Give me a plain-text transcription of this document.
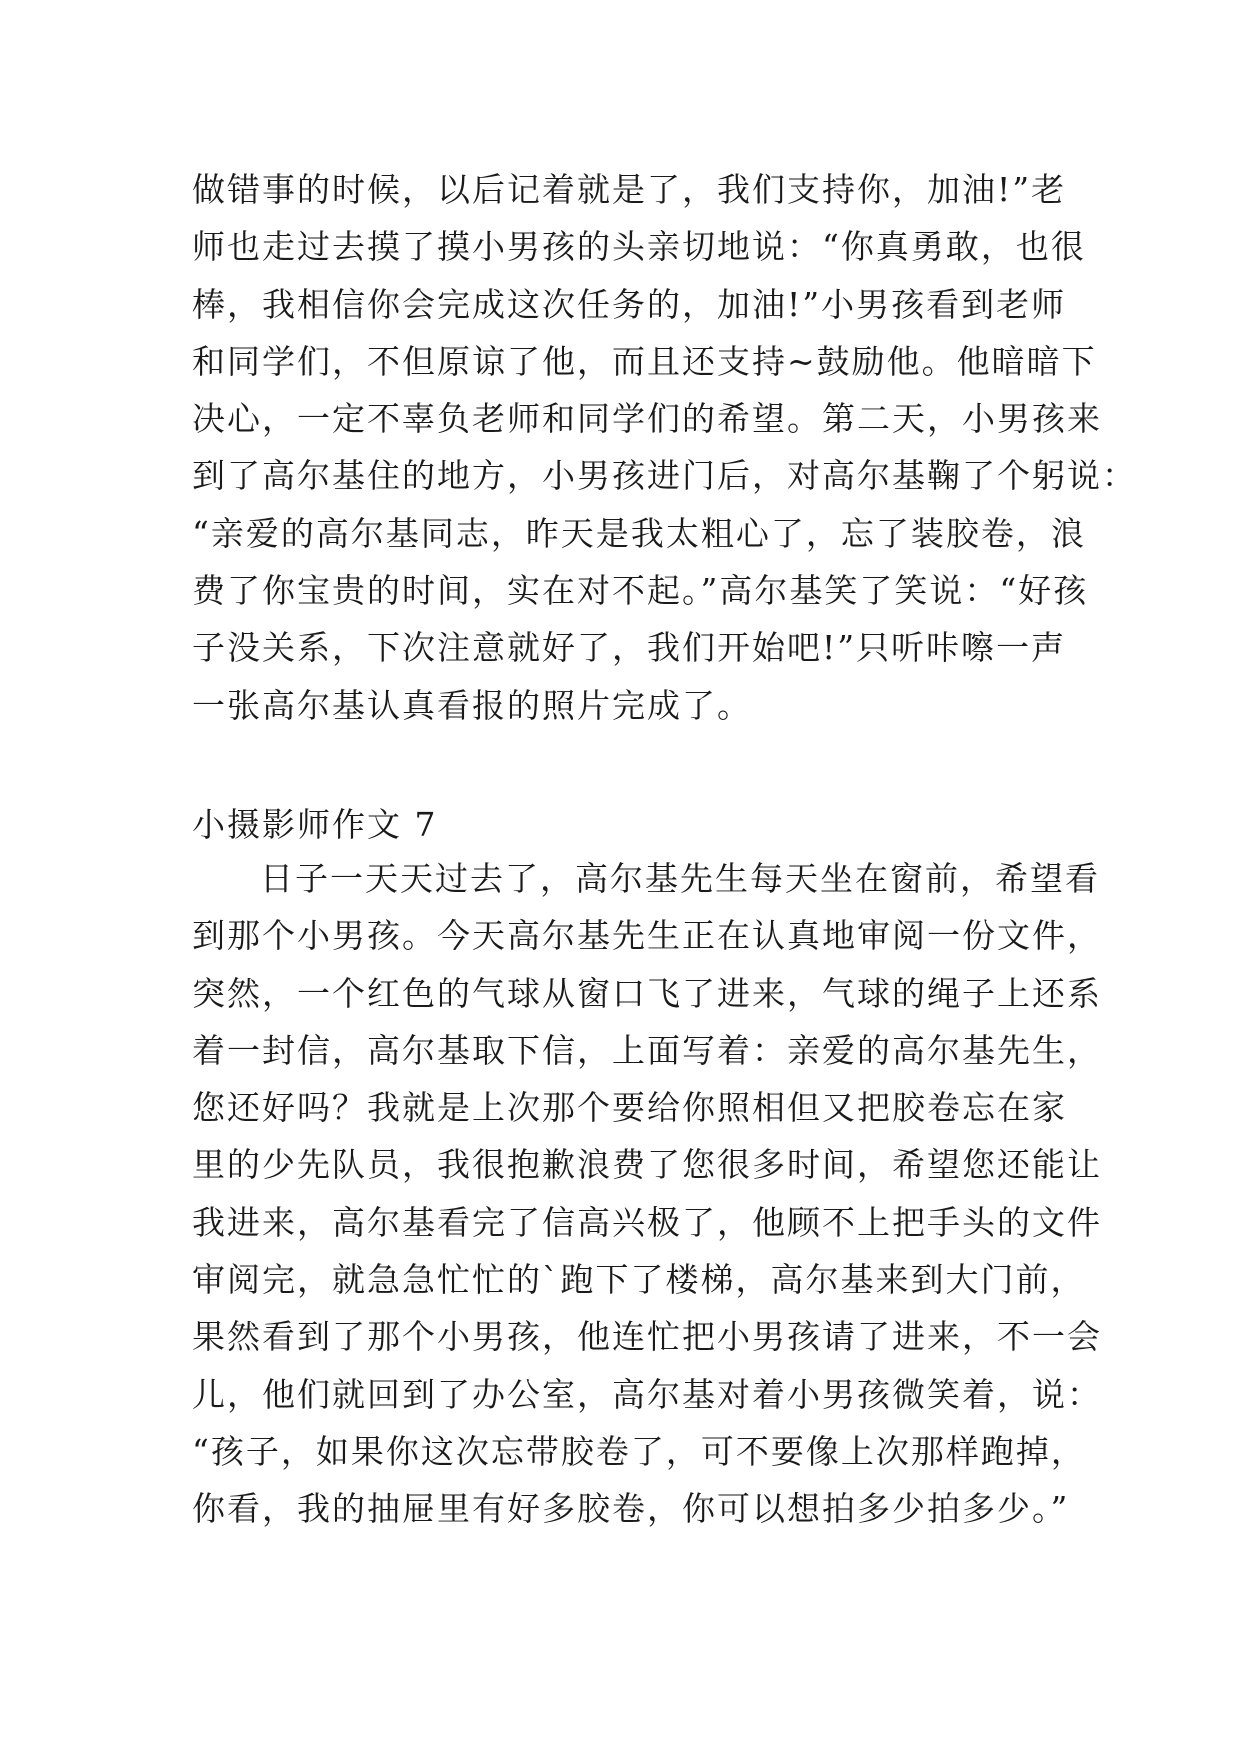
做错事的时候，以后记着就是了，我们支持你，加油!”老
师也走过去摸了摸小男孩的头亲切地说：“你真勇敢，也很
棒，我相信你会完成这次任务的，加油!”小男孩看到老师
和同学们，不但原谅了他，而且还支持~鼓励他。他暗暗下
决心，一定不辜负老师和同学们的希望。第二天，小男孩来
到了高尔基住的地方，小男孩进门后，对高尔基鞠了个躬说：
“亲爱的高尔基同志，昨天是我太粗心了，忘了装胶卷，浪
费了你宝贵的时间，实在对不起。”高尔基笑了笑说：“好孩
子没关系，下次注意就好了，我们开始吧!”只听咔嚓一声
一张高尔基认真看报的照片完成了。
小摄影师作文 7
日子一天天过去了，高尔基先生每天坐在窗前，希望看
到那个小男孩。今天高尔基先生正在认真地审阅一份文件，
突然，一个红色的气球从窗口飞了进来，气球的绳子上还系
着一封信，高尔基取下信，上面写着：亲爱的高尔基先生，
您还好吗？我就是上次那个要给你照相但又把胶卷忘在家
里的少先队员，我很抱歉浪费了您很多时间，希望您还能让
我进来，高尔基看完了信高兴极了，他顾不上把手头的文件
审阅完，就急急忙忙的`跑下了楼梯，高尔基来到大门前，
果然看到了那个小男孩，他连忙把小男孩请了进来，不一会
儿，他们就回到了办公室，高尔基对着小男孩微笑着，说：
“孩子，如果你这次忘带胶卷了，可不要像上次那样跑掉，
你看，我的抽屉里有好多胶卷，你可以想拍多少拍多少。”
